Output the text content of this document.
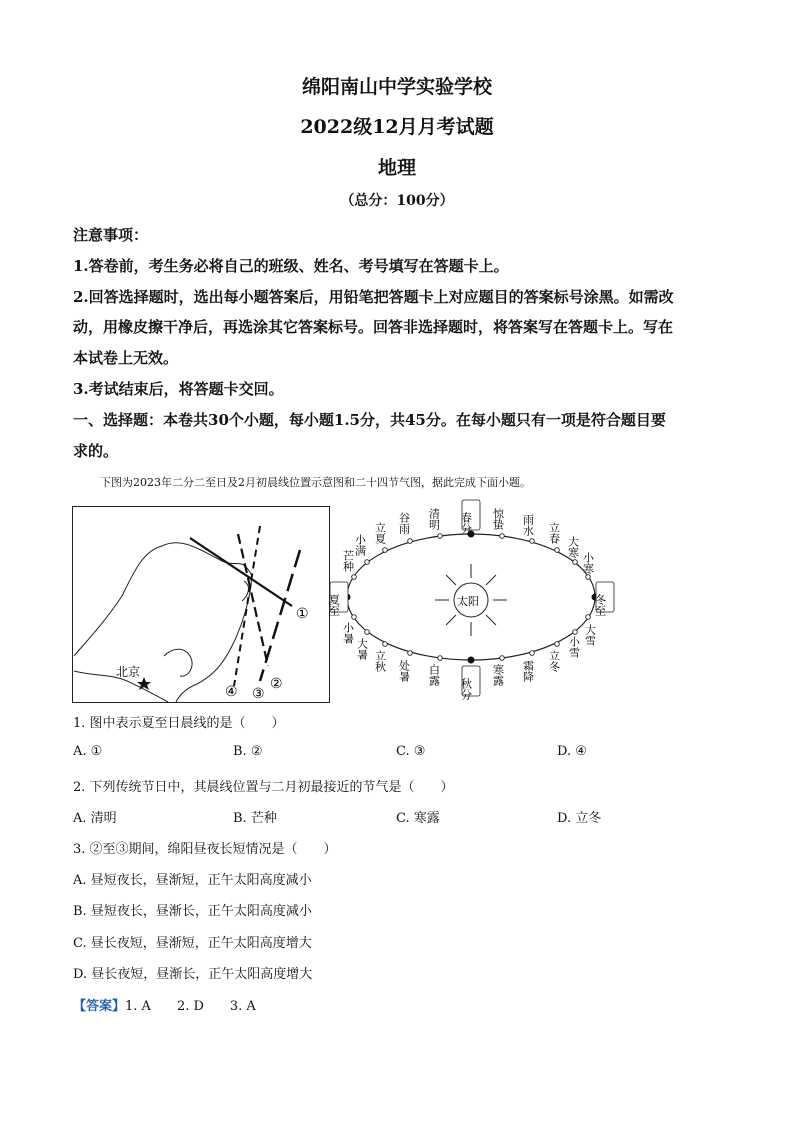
绵阳南山中学实验学校
2022级12月月考试题
地理
（总分：100分）
注意事项：
1.答卷前，考生务必将自己的班级、姓名、考号填写在答题卡上。
2.回答选择题时，选出每小题答案后，用铅笔把答题卡上对应题目的答案标号涂黑。如需改
动，用橡皮擦干净后，再选涂其它答案标号。回答非选择题时，将答案写在答题卡上。写在
本试卷上无效。
3.考试结束后，将答题卡交回。
一、选择题：本卷共30个小题，每小题1.5分，共45分。在每小题只有一项是符合题目要
求的。
下图为2023年二分二至日及2月初晨线位置示意图和二十四节气图，据此完成下面小题。
北京
①
②
③
④
太阳
春分
秋分
夏至	冬至
立夏
小满
芒种
谷雨 清明	惊蛰 雨水 立春
大寒
小寒
小暑
大暑
立秋 处暑 白露	寒露 霜降 立冬
小雪
大雪
1. 图中表示夏至日晨线的是（　　）
A. ①	B. ②	C. ③	D. ④
2. 下列传统节日中，其晨线位置与二月初最接近的节气是（　　）
A. 清明	B. 芒种	C. 寒露	D. 立冬
3. ②至③期间，绵阳昼夜长短情况是（　　）
A. 昼短夜长，昼渐短，正午太阳高度减小
B. 昼短夜长，昼渐长，正午太阳高度减小
C. 昼长夜短，昼渐短，正午太阳高度增大
D. 昼长夜短，昼渐长，正午太阳高度增大
【答案】1. A　　2. D　　3. A
